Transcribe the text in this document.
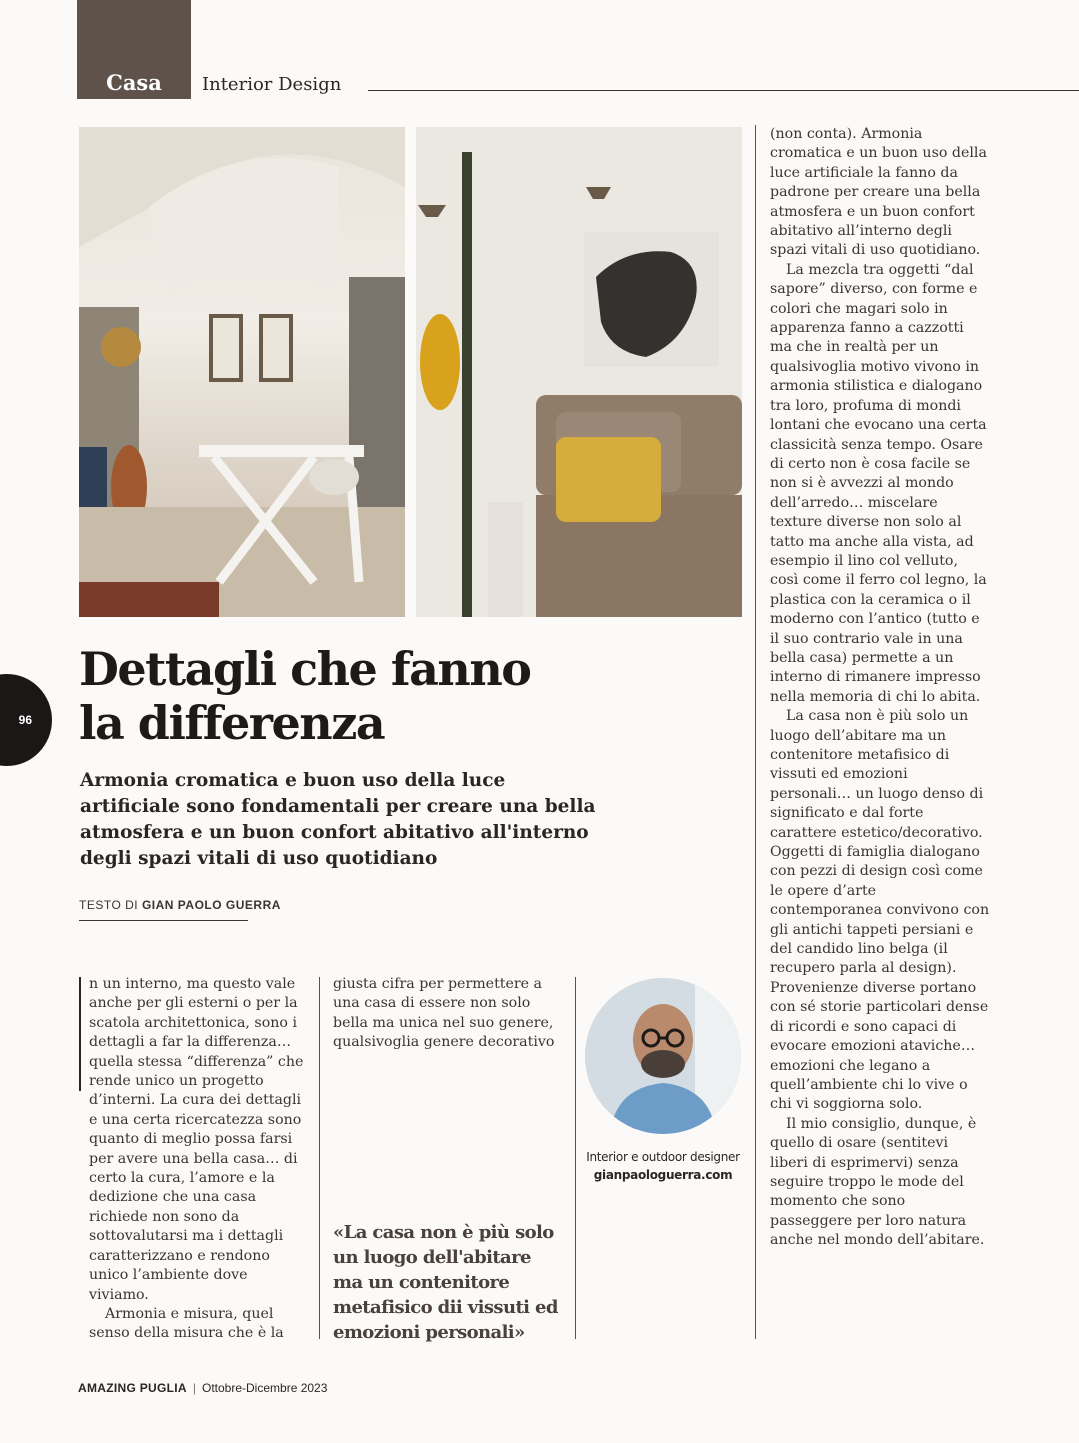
Casa Interior Design
96
Dettagli che fanno
la differenza

Armonia cromatica e buon uso della luce artificiale sono fondamentali per creare una bella atmosfera e un buon confort abitativo all'interno degli spazi vitali di uso quotidiano

TESTO DI GIAN PAOLO GUERRA

n un interno, ma questo vale anche per gli esterni o per la scatola architettonica, sono i dettagli a far la differenza… quella stessa “differenza” che rende unico un progetto d’interni. La cura dei dettagli e una certa ricercatezza sono quanto di meglio possa farsi per avere una bella casa… di certo la cura, l’amore e la dedizione che una casa richiede non sono da sottovalutarsi ma i dettagli caratterizzano e rendono unico l’ambiente dove viviamo.

Armonia e misura, quel senso della misura che è la

giusta cifra per permettere a una casa di essere non solo bella ma unica nel suo genere, qualsivoglia genere decorativo

Interior e outdoor designer
gianpaologuerra.com

«La casa non è più solo un luogo dell'abitare ma un contenitore metafisico dii vissuti ed emozioni personali»

(non conta). Armonia cromatica e un buon uso della luce artificiale la fanno da padrone per creare una bella atmosfera e un buon confort abitativo all’interno degli spazi vitali di uso quotidiano.

La mezcla tra oggetti “dal sapore” diverso, con forme e colori che magari solo in apparenza fanno a cazzotti ma che in realtà per un qualsivoglia motivo vivono in armonia stilistica e dialogano tra loro, profuma di mondi lontani che evocano una certa classicità senza tempo. Osare di certo non è cosa facile se non si è avvezzi al mondo dell’arredo… miscelare texture diverse non solo al tatto ma anche alla vista, ad esempio il lino col velluto, così come il ferro col legno, la plastica con la ceramica o il moderno con l’antico (tutto e il suo contrario vale in una bella casa) permette a un interno di rimanere impresso nella memoria di chi lo abita.

La casa non è più solo un luogo dell’abitare ma un contenitore metafisico di vissuti ed emozioni personali… un luogo denso di significato e dal forte carattere estetico/decorativo. Oggetti di famiglia dialogano con pezzi di design così come le opere d’arte contemporanea convivono con gli antichi tappeti persiani e del candido lino belga (il recupero parla al design). Provenienze diverse portano con sé storie particolari dense di ricordi e sono capaci di evocare emozioni ataviche… emozioni che legano a quell’ambiente chi lo vive o chi vi soggiorna solo.

Il mio consiglio, dunque, è quello di osare (sentitevi liberi di esprimervi) senza seguire troppo le mode del momento che sono passeggere per loro natura anche nel mondo dell’abitare.

AMAZING PUGLIA | Ottobre-Dicembre 2023
